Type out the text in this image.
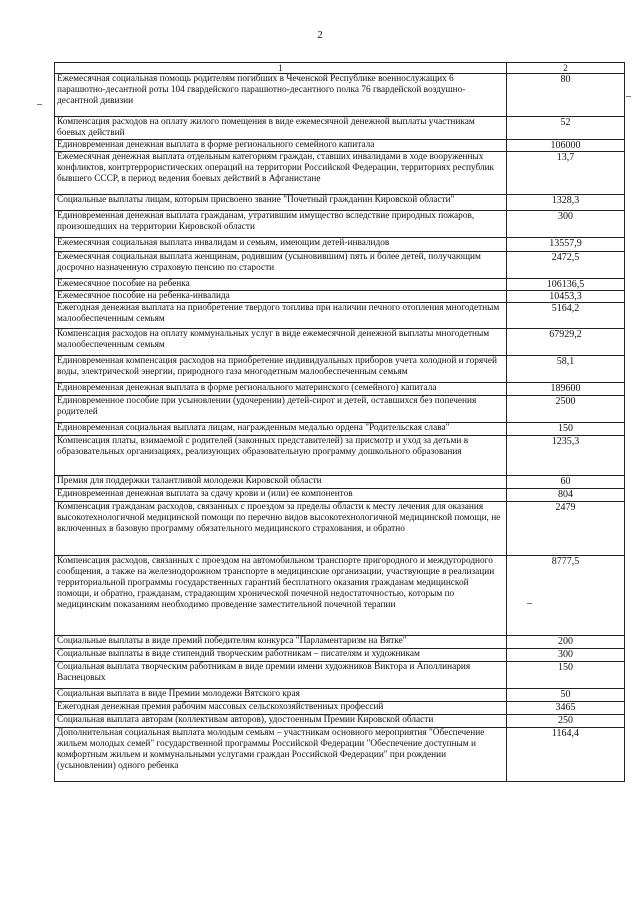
2
1	2
Ежемесячная социальная помощь родителям погибших в Чеченской Республике военнослужащих 6 парашютно-десантной роты 104 гвардейского парашютно-десантного полка 76 гвардейской воздушно-десантной дивизии	80
Компенсация расходов на оплату жилого помещения в виде ежемесячной денежной выплаты участникам боевых действий	52
Единовременная денежная выплата в форме регионального семейного капитала	106000
Ежемесячная денежная выплата отдельным категориям граждан, ставших инвалидами в ходе вооруженных конфликтов, контртеррористических операций на территории Российской Федерации, территориях республик бывшего СССР, в период ведения боевых действий в Афганистане	13,7
Социальные выплаты лицам, которым присвоено звание "Почетный гражданин Кировской области"	1328,3
Единовременная денежная выплата гражданам, утратившим имущество вследствие природных пожаров, произошедших на территории Кировской области	300
Ежемесячная социальная выплата инвалидам и семьям, имеющим детей-инвалидов	13557,9
Ежемесячная социальная выплата женщинам, родившим (усыновившим) пять и более детей, получающим досрочно назначенную страховую пенсию по старости	2472,5
Ежемесячное пособие на ребенка	106136,5
Ежемесячное пособие на ребенка-инвалида	10453,3
Ежегодная денежная выплата на приобретение твердого топлива при наличии печного отопления многодетным малообеспеченным семьям	5164,2
Компенсация расходов на оплату коммунальных услуг в виде ежемесячной денежной выплаты многодетным малообеспеченным семьям	67929,2
Единовременная компенсация расходов на приобретение индивидуальных приборов учета холодной и горячей воды, электрической энергии, природного газа многодетным малообеспеченным семьям	58,1
Единовременная денежная выплата в форме регионального материнского (семейного) капитала	189600
Единовременное пособие при усыновлении (удочерении) детей-сирот и детей, оставшихся без попечения родителей	2500
Единовременная социальная выплата лицам, награжденным медалью ордена "Родительская слава"	150
Компенсация платы, взимаемой с родителей (законных представителей) за присмотр и уход за детьми в образовательных организациях, реализующих образовательную программу дошкольного образования	1235,3
Премия для поддержки талантливой молодежи Кировской области	60
Единовременная денежная выплата за сдачу крови и (или) ее компонентов	804
Компенсация гражданам расходов, связанных с проездом за пределы области к месту лечения для оказания высокотехнологичной медицинской помощи по перечню видов высокотехнологичной медицинской помощи, не включенных в базовую программу обязательного медицинского страхования, и обратно	2479
Компенсация расходов, связанных с проездом на автомобильном транспорте пригородного и междугородного сообщения, а также на железнодорожном транспорте в медицинские организации, участвующие в реализации территориальной программы государственных гарантий бесплатного оказания гражданам медицинской помощи, и обратно, гражданам, страдающим хронической почечной недостаточностью, которым по медицинским показаниям необходимо проведение заместительной почечной терапии	8777,5
Социальные выплаты в виде премий победителям конкурса "Парламентаризм на Вятке"	200
Социальные выплаты в виде стипендий творческим работникам – писателям и художникам	300
Социальная выплата творческим работникам в виде премии имени художников Виктора и Аполлинария Васнецовых	150
Социальная выплата в виде Премии молодежи Вятского края	50
Ежегодная денежная премия рабочим массовых сельскохозяйственных профессий	3465
Социальная выплата авторам (коллективам авторов), удостоенным Премии Кировской области	250
Дополнительная социальная выплата молодым семьям – участникам основного мероприятия "Обеспечение жильем молодых семей" государственной программы Российской Федерации "Обеспечение доступным и комфортным жильем и коммунальными услугами граждан Российской Федерации" при рождении (усыновлении) одного ребенка	1164,4
